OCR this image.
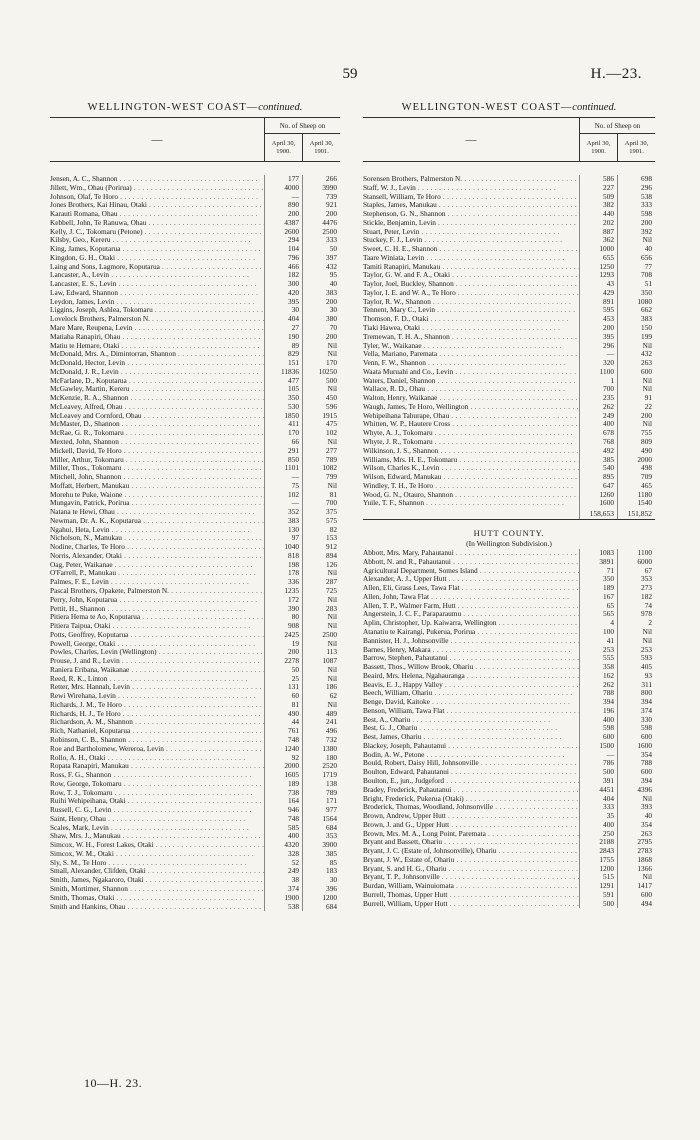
59	H.—23.
WELLINGTON-WEST COAST—continued.
—
No. of Sheep on
April 30, 1900.
April 30, 1901.
Jensen, A. C., Shannon . . .	177	266
Jillett, Wm., Ohau (Porirua) . . .	4000	3990
Johnson, Olaf, Te Horo . . .	—	739
Jones Brothers, Kai Hinau, Otaki . . .	890	921
Karauti Romana, Ohau . . .	200	200
Kebbell, John, Te Ranuwa, Ohau . . .	4387	4476
Kelly, J. C., Tokomaru (Petone) . . .	2600	2500
Kilsby, Geo., Kereru . . .	294	333
King, James, Koputarua . . .	104	50
Kingdon, G. H., Otaki . . .	796	397
Laing and Sons, Lagmore, Koputarua . . .	466	432
Lancaster, A., Levin . . .	182	95
Lancaster, E. S., Levin . . .	300	40
Law, Edward, Shannon . . .	420	383
Leydon, James, Levin . . .	395	200
Liggins, Joseph, Ashlea, Tokomaru . . .	30	30
Lovelock Brothers, Palmerston N. . . .	404	380
Mare Mare, Reupena, Levin . . .	27	70
Matiaha Ranapiri, Ohau . . .	190	200
Matiu te Hemare, Otaki . . .	89	Nil
McDonald, Mrs. A., Dimintorran, Shannon . . .	829	Nil
McDonald, Hector, Levin . . .	151	170
McDonald, J. R., Levin . . .	11836	10250
McFarlane, D., Koputarua . . .	477	500
McGawley, Martin, Kereru . . .	105	Nil
McKenzie, R. A., Shannon . . .	350	450
McLeavey, Alfred, Ohau . . .	530	596
McLeavey and Cornford, Ohau . . .	1850	1915
McMaster, D., Shannon . . .	411	475
McRae, G. R., Tokomaru . . .	170	102
Mexted, John, Shannon . . .	66	Nil
Mickell, David, Te Horo . . .	291	277
Miller, Arthur, Tokomaru . . .	850	789
Miller, Thos., Tokomaru . . .	1101	1082
Mitchell, John, Shannon . . .	—	799
Moffatt, Herbert, Manukau . . .	75	Nil
Morehu te Puke, Waione . . .	102	81
Mungavin, Patrick, Porirua . . .	—	700
Natana te Hewi, Ohau . . .	352	375
Newman, Dr. A. K., Koputarua . . .	383	575
Ngahui, Heta, Levin . . .	130	82
Nicholson, N., Manukau . . .	97	153
Nodine, Charles, Te Horo . . .	1040	912
Norris, Alexander, Otaki . . .	818	894
Oag, Peter, Waikanae . . .	198	126
O'Farrell, P., Manukau . . .	178	Nil
Palmes, F. E., Levin . . .	336	287
Pascal Brothers, Opakete, Palmerston N. . . .	1235	725
Perry, John, Koputarua . . .	172	Nil
Pettit, H., Shannon . . .	390	283
Pitiera Hema te Ao, Koputarua . . .	80	Nil
Pitiera Taipua, Otaki . . .	908	Nil
Potts, Geoffrey, Koputarua . . .	2425	2500
Powell, George, Otaki . . .	19	Nil
Powles, Charles, Levin (Wellington) . . .	200	113
Prouse, J. and R., Levin . . .	2278	1087
Raniera Eribana, Waikanae . . .	50	Nil
Reed, R. K., Linton . . .	25	Nil
Retter, Mrs. Hannah, Levin . . .	131	186
Rewi Wirehana, Levin . . .	60	62
Richards, J. M., Te Horo . . .	81	Nil
Richards, H. J., Te Horo . . .	490	489
Richardson, A. M., Shannon . . .	44	241
Rich, Nathaniel, Koputarua . . .	761	496
Robinson, C. B., Shannon . . .	748	732
Roe and Bartholomew, Wereroa, Levin . . .	1240	1380
Rollo, A. H., Otaki . . .	92	180
Ropata Ranapiri, Manukau . . .	2000	2520
Ross, F. G., Shannon . . .	1605	1719
Row, George, Tokomaru . . .	189	138
Row, T. J., Tokomaru . . .	738	789
Ruihi Wehipeihana, Otaki . . .	164	171
Russell, C. G., Levin . . .	946	977
Saint, Henry, Ohau . . .	748	1564
Scales, Mark, Levin . . .	585	684
Shaw, Mrs. J., Manukau . . .	400	353
Simcox, W. H., Forest Lakes, Otaki . . .	4320	3900
Simcox, W. M., Otaki . . .	328	385
Sly, S. M., Te Horo . . .	52	85
Small, Alexander, Clifden, Otaki . . .	249	183
Smith, James, Ngakaroro, Otaki . . .	38	30
Smith, Mortimer, Shannon . . .	374	396
Smith, Thomas, Otaki . . .	1900	1200
Smith and Hankins, Ohau . . .	538	684
WELLINGTON-WEST COAST—continued.
—
No. of Sheep on
April 30, 1900.
April 30, 1901.
Sorensen Brothers, Palmerston N. . . .	586	698
Staff, W. J., Levin . . .	227	296
Stansell, William, Te Horo . . .	509	538
Staples, James, Manukau . . .	382	333
Stephenson, G. N., Shannon . . .	440	598
Stickle, Benjamin, Levin . . .	202	200
Stuart, Peter, Levin . . .	887	392
Stuckey, F. J., Levin . . .	362	Nil
Sweet, C. H. E., Shannon . . .	1000	40
Taare Winiata, Levin . . .	655	656
Tamiti Ranapiri, Manukau . . .	1250	77
Taylor, G. W. and F. A., Otaki . . .	1293	708
Taylor, Joel, Buckley, Shannon . . .	43	51
Taylor, I. E. and W. A., Te Horo . . .	429	350
Taylor, R. W., Shannon . . .	891	1080
Tennent, Mary C., Levin . . .	595	662
Thomson, F. D., Otaki . . .	453	383
Tiaki Hawea, Otaki . . .	200	150
Tremewan, T. H. A., Shannon . . .	395	199
Tyler, W., Waikanae . . .	296	Nil
Vella, Mariano, Paremata . . .	—	432
Venn, F. W., Shannon . . .	320	263
Waata Muruahi and Co., Levin . . .	1100	600
Waters, Daniel, Shannon . . .	1	Nil
Wallace, R. D., Ohau . . .	700	Nil
Walton, Henry, Waikanae . . .	235	91
Waugh, James, Te Horo, Wellington . . .	262	22
Wehipeihana Tahurape, Ohau . . .	249	200
Whitten, W. P., Hautere Cross . . .	400	Nil
Whyte, A. J., Tokomaru . . .	678	755
Whyte, J. R., Tokomaru . . .	768	809
Wilkinson, J. S., Shannon . . .	492	490
Williams, Mrs. H. E., Tokomaru . . .	385	2000
Wilson, Charles K., Levin . . .	540	498
Wilson, Edward, Manukau . . .	895	709
Windley, T. H., Te Horo . . .	647	465
Wood, G. N., Otauro, Shannon . . .	1260	1180
Yuile, T. F., Shannon . . .	1600	1540
158,653	151,852
HUTT COUNTY.
(In Wellington Subdivision.)
Abbott, Mrs. Mary, Pahautanui . . .	1083	1100
Abbott, N. and R., Pahautanui . . .	3891	6000
Agricultural Department, Somes Island . . .	71	67
Alexander, A. J., Upper Hutt . . .	350	353
Allen, Eli, Grass Lees, Tawa Flat . . .	189	273
Allen, John, Tawa Flat . . .	167	182
Allen, T. P., Walmer Farm, Hutt . . .	65	74
Angerstein, J. C. F., Paraparaumu . . .	565	978
Aplin, Christopher, Up. Kaiwarra, Wellington . . .	4	2
Atanatiu te Kairangi, Pukerua, Porirua . . .	100	Nil
Bannister, H. J., Johnsonville . . .	41	Nil
Barnes, Henry, Makara . . .	253	253
Barrow, Stephen, Pahautanui . . .	555	593
Bassett, Thos., Willow Brook, Ohariu . . .	358	405
Beaird, Mrs. Helena, Ngahauranga . . .	162	93
Beavis, E. J., Happy Valley . . .	262	311
Beech, William, Ohariu . . .	788	800
Benge, David, Kaitoke . . .	394	394
Benson, William, Tawa Flat . . .	196	374
Best, A., Ohariu . . .	400	330
Best, G. J., Ohariu . . .	598	598
Best, James, Ohariu . . .	600	600
Blackey, Joseph, Pahautanui . . .	1500	1600
Bodin, A. W., Petone . . .	—	354
Bould, Robert, Daisy Hill, Johnsonville . . .	786	788
Boulton, Edward, Pahautanui . . .	500	600
Boulton, E., jun., Judgeford . . .	391	394
Bradey, Frederick, Pahautanui . . .	4451	4396
Bright, Frederick, Pukerua (Otaki) . . .	404	Nil
Broderick, Thomas, Woodland, Johnsonville . . .	333	393
Brown, Andrew, Upper Hutt . . .	35	40
Brown, J. and G., Upper Hutt . . .	400	354
Brown, Mrs. M. A., Long Point, Paremata . . .	250	263
Bryant and Bassett, Ohariu . . .	2188	2795
Bryant, J. C. (Estate of, Johnsonville), Ohariu . . .	2843	2783
Bryant, J. W., Estate of, Ohariu . . .	1755	1868
Bryant, S. and H. G., Ohariu . . .	1200	1366
Bryant, T. P., Johnsonville . . .	515	Nil
Burdan, William, Wainuiomata . . .	1291	1417
Burrell, Thomas, Upper Hutt . . .	591	600
Burrell, William, Upper Hutt . . .	500	494
10—H. 23.
